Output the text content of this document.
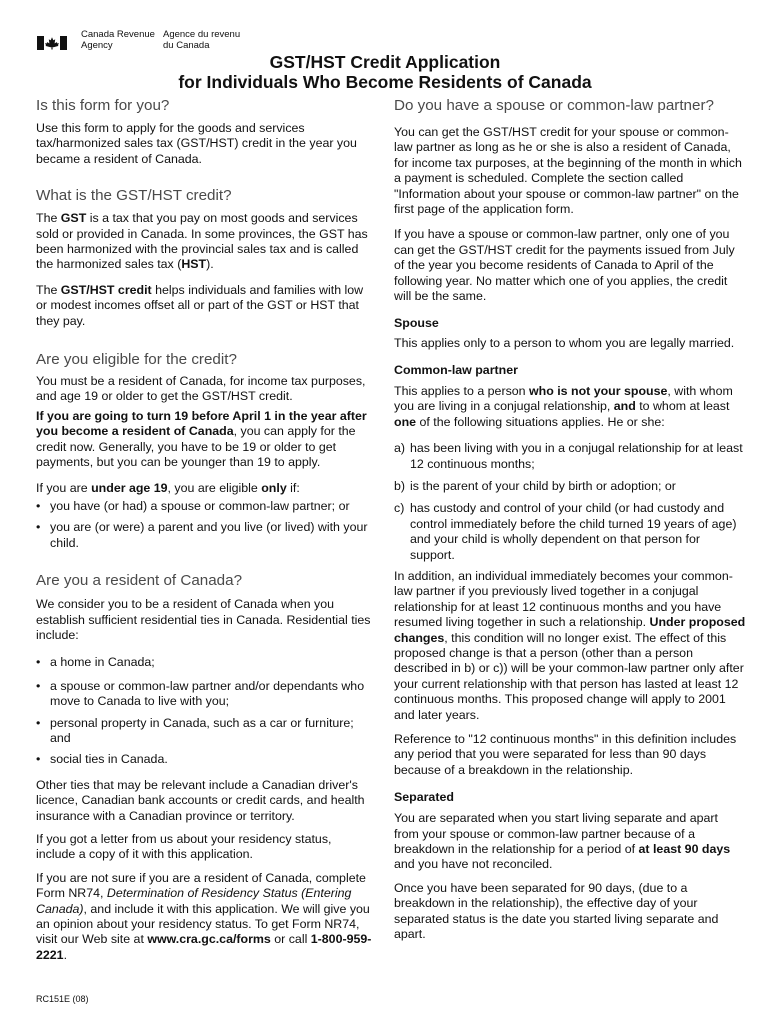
Canada Revenue
Agency
Agence du revenu
du Canada
GST/HST Credit Application
for Individuals Who Become Residents of Canada
Is this form for you?

Use this form to apply for the goods and services tax/harmonized sales tax (GST/HST) credit in the year you became a resident of Canada.

What is the GST/HST credit?

The GST is a tax that you pay on most goods and services sold or provided in Canada. In some provinces, the GST has been harmonized with the provincial sales tax and is called the harmonized sales tax (HST).

The GST/HST credit helps individuals and families with low or modest incomes offset all or part of the GST or HST that they pay.

Are you eligible for the credit?

You must be a resident of Canada, for income tax purposes, and age 19 or older to get the GST/HST credit.

If you are going to turn 19 before April 1 in the year after you become a resident of Canada, you can apply for the credit now. Generally, you have to be 19 or older to get payments, but you can be younger than 19 to apply.

If you are under age 19, you are eligible only if:

• you have (or had) a spouse or common-law partner; or
• you are (or were) a parent and you live (or lived) with your child.
Are you a resident of Canada?

We consider you to be a resident of Canada when you establish sufficient residential ties in Canada. Residential ties include:

• a home in Canada;
• a spouse or common-law partner and/or dependants who move to Canada to live with you;
• personal property in Canada, such as a car or furniture; and
• social ties in Canada.

Other ties that may be relevant include a Canadian driver's licence, Canadian bank accounts or credit cards, and health insurance with a Canadian province or territory.

If you got a letter from us about your residency status, include a copy of it with this application.

If you are not sure if you are a resident of Canada, complete Form NR74, Determination of Residency Status (Entering Canada), and include it with this application. We will give you an opinion about your residency status. To get Form NR74, visit our Web site at www.cra.gc.ca/forms or call 1-800-959-2221.

Do you have a spouse or common-law partner?

You can get the GST/HST credit for your spouse or common-law partner as long as he or she is also a resident of Canada, for income tax purposes, at the beginning of the month in which a payment is scheduled. Complete the section called "Information about your spouse or common-law partner" on the first page of the application form.

If you have a spouse or common-law partner, only one of you can get the GST/HST credit for the payments issued from July of the year you become residents of Canada to April of the following year. No matter which one of you applies, the credit will be the same.

Spouse

This applies only to a person to whom you are legally married.

Common-law partner

This applies to a person who is not your spouse, with whom you are living in a conjugal relationship, and to whom at least one of the following situations applies. He or she:

a) has been living with you in a conjugal relationship for at least 12 continuous months;
b) is the parent of your child by birth or adoption; or
c) has custody and control of your child (or had custody and control immediately before the child turned 19 years of age) and your child is wholly dependent on that person for support.

In addition, an individual immediately becomes your common-law partner if you previously lived together in a conjugal relationship for at least 12 continuous months and you have resumed living together in such a relationship. Under proposed changes, this condition will no longer exist. The effect of this proposed change is that a person (other than a person described in b) or c)) will be your common-law partner only after your current relationship with that person has lasted at least 12 continuous months. This proposed change will apply to 2001 and later years.

Reference to "12 continuous months" in this definition includes any period that you were separated for less than 90 days because of a breakdown in the relationship.

Separated

You are separated when you start living separate and apart from your spouse or common-law partner because of a breakdown in the relationship for a period of at least 90 days and you have not reconciled.

Once you have been separated for 90 days, (due to a breakdown in the relationship), the effective day of your separated status is the date you started living separate and apart.

RC151E (08)
